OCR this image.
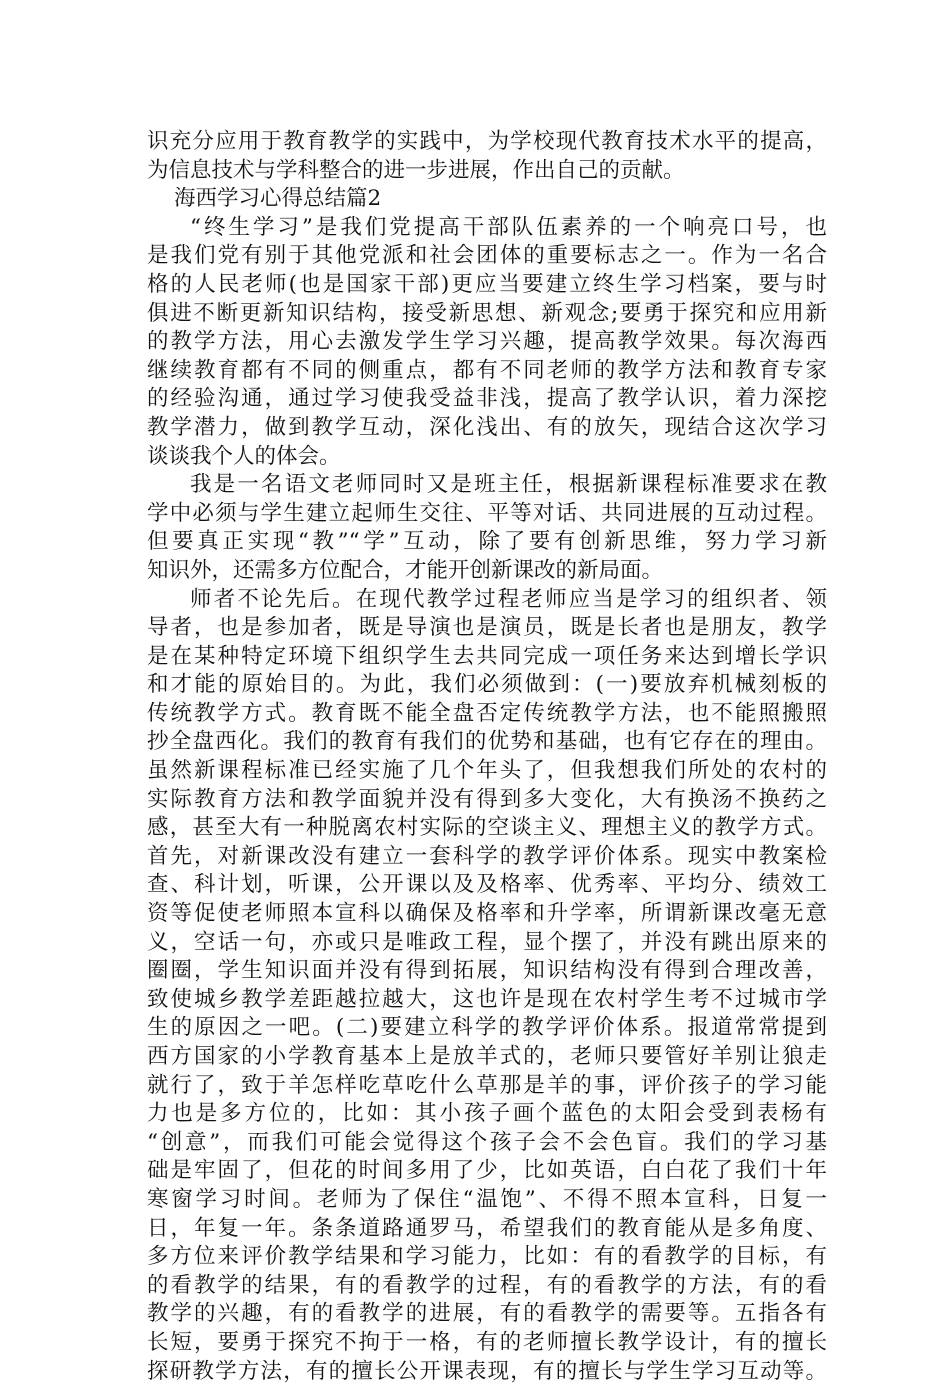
识充分应用于教育教学的实践中，为学校现代教育技术水平的提高，
为信息技术与学科整合的进一步进展，作出自己的贡献。
海西学习心得总结篇2
“终生学习”是我们党提高干部队伍素养的一个响亮口号，也
是我们党有别于其他党派和社会团体的重要标志之一。作为一名合
格的人民老师(也是国家干部)更应当要建立终生学习档案，要与时
俱进不断更新知识结构，接受新思想、新观念;要勇于探究和应用新
的教学方法，用心去激发学生学习兴趣，提高教学效果。每次海西
继续教育都有不同的侧重点，都有不同老师的教学方法和教育专家
的经验沟通，通过学习使我受益非浅，提高了教学认识，着力深挖
教学潜力，做到教学互动，深化浅出、有的放矢，现结合这次学习
谈谈我个人的体会。
我是一名语文老师同时又是班主任，根据新课程标准要求在教
学中必须与学生建立起师生交往、平等对话、共同进展的互动过程。
但要真正实现“教”“学”互动，除了要有创新思维，努力学习新
知识外，还需多方位配合，才能开创新课改的新局面。
师者不论先后。在现代教学过程老师应当是学习的组织者、领
导者，也是参加者，既是导演也是演员，既是长者也是朋友，教学
是在某种特定环境下组织学生去共同完成一项任务来达到增长学识
和才能的原始目的。为此，我们必须做到：(一)要放弃机械刻板的
传统教学方式。教育既不能全盘否定传统教学方法，也不能照搬照
抄全盘西化。我们的教育有我们的优势和基础，也有它存在的理由。
虽然新课程标准已经实施了几个年头了，但我想我们所处的农村的
实际教育方法和教学面貌并没有得到多大变化，大有换汤不换药之
感，甚至大有一种脱离农村实际的空谈主义、理想主义的教学方式。
首先，对新课改没有建立一套科学的教学评价体系。现实中教案检
查、科计划，听课，公开课以及及格率、优秀率、平均分、绩效工
资等促使老师照本宣科以确保及格率和升学率，所谓新课改毫无意
义，空话一句，亦或只是唯政工程，显个摆了，并没有跳出原来的
圈圈，学生知识面并没有得到拓展，知识结构没有得到合理改善，
致使城乡教学差距越拉越大，这也许是现在农村学生考不过城市学
生的原因之一吧。(二)要建立科学的教学评价体系。报道常常提到
西方国家的小学教育基本上是放羊式的，老师只要管好羊别让狼走
就行了，致于羊怎样吃草吃什么草那是羊的事，评价孩子的学习能
力也是多方位的，比如：其小孩子画个蓝色的太阳会受到表杨有
“创意”，而我们可能会觉得这个孩子会不会色盲。我们的学习基
础是牢固了，但花的时间多用了少，比如英语，白白花了我们十年
寒窗学习时间。老师为了保住“温饱”、不得不照本宣科，日复一
日，年复一年。条条道路通罗马，希望我们的教育能从是多角度、
多方位来评价教学结果和学习能力，比如：有的看教学的目标，有
的看教学的结果，有的看教学的过程，有的看教学的方法，有的看
教学的兴趣，有的看教学的进展，有的看教学的需要等。五指各有
长短，要勇于探究不拘于一格，有的老师擅长教学设计，有的擅长
探研教学方法，有的擅长公开课表现，有的擅长与学生学习互动等。
